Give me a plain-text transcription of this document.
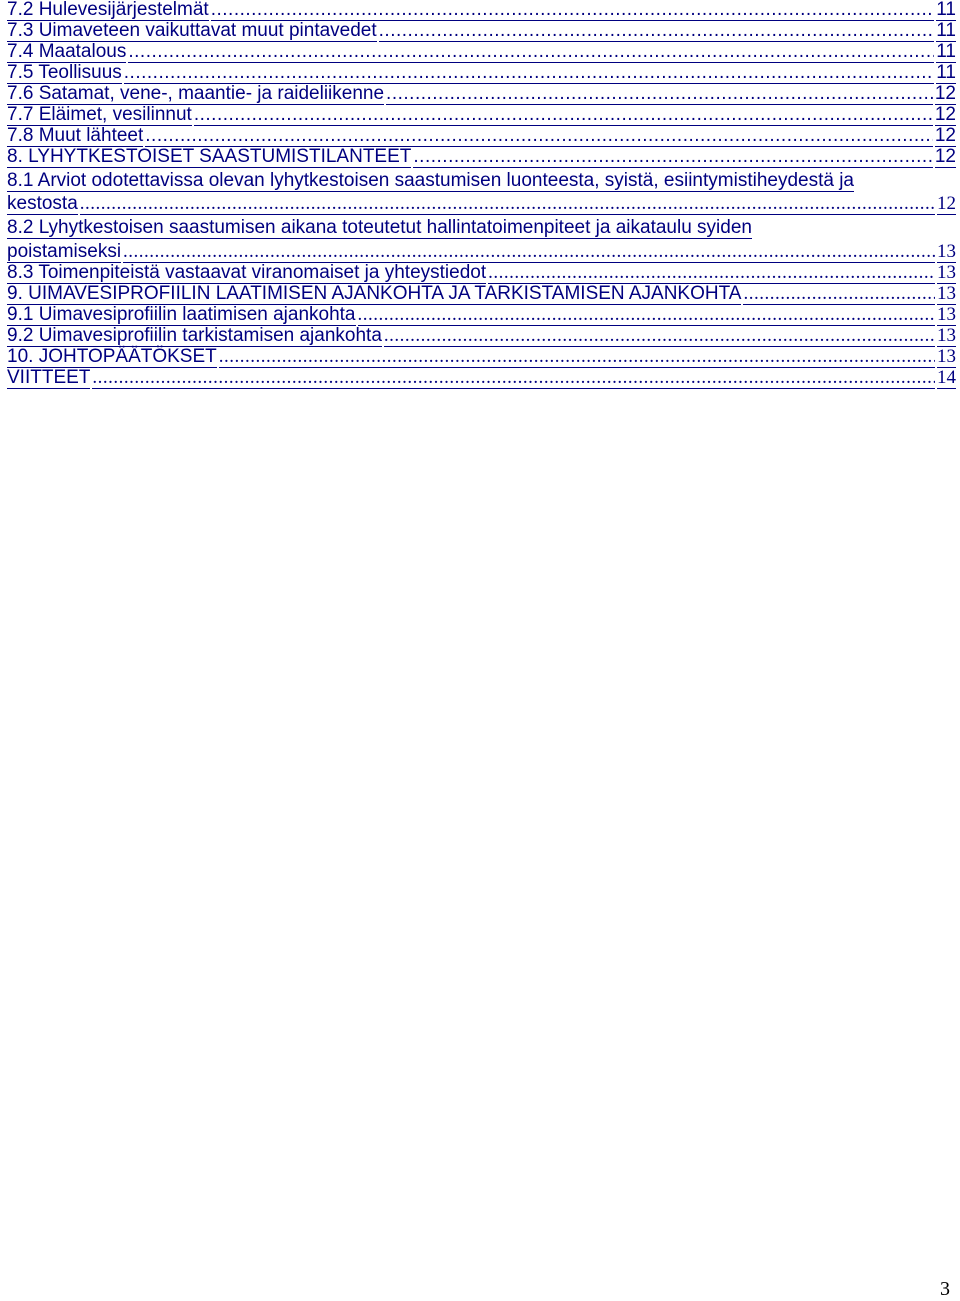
7.2 Hulevesijärjestelmät .....	11
7.3 Uimaveteen vaikuttavat muut pintavedet .....	11
7.4 Maatalous .....	11
7.5 Teollisuus .....	11
7.6 Satamat, vene-, maantie- ja raideliikenne .....	12
7.7 Eläimet, vesilinnut .....	12
7.8 Muut lähteet .....	12
8. LYHYTKESTOISET SAASTUMISTILANTEET .....	12
8.1 Arviot odotettavissa olevan lyhytkestoisen saastumisen luonteesta, syistä, esiintymistiheydestä ja
kestosta .....	12
8.2 Lyhytkestoisen saastumisen aikana toteutetut hallintatoimenpiteet ja aikataulu syiden
poistamiseksi .....	13
8.3 Toimenpiteistä vastaavat viranomaiset ja yhteystiedot .....	13
9. UIMAVESIPROFIILIN LAATIMISEN AJANKOHTA JA TARKISTAMISEN AJANKOHTA .....	13
9.1 Uimavesiprofiilin laatimisen ajankohta .....	13
9.2 Uimavesiprofiilin tarkistamisen ajankohta .....	13
10. JOHTOPÄÄTÖKSET .....	13
VIITTEET .....	14
3
